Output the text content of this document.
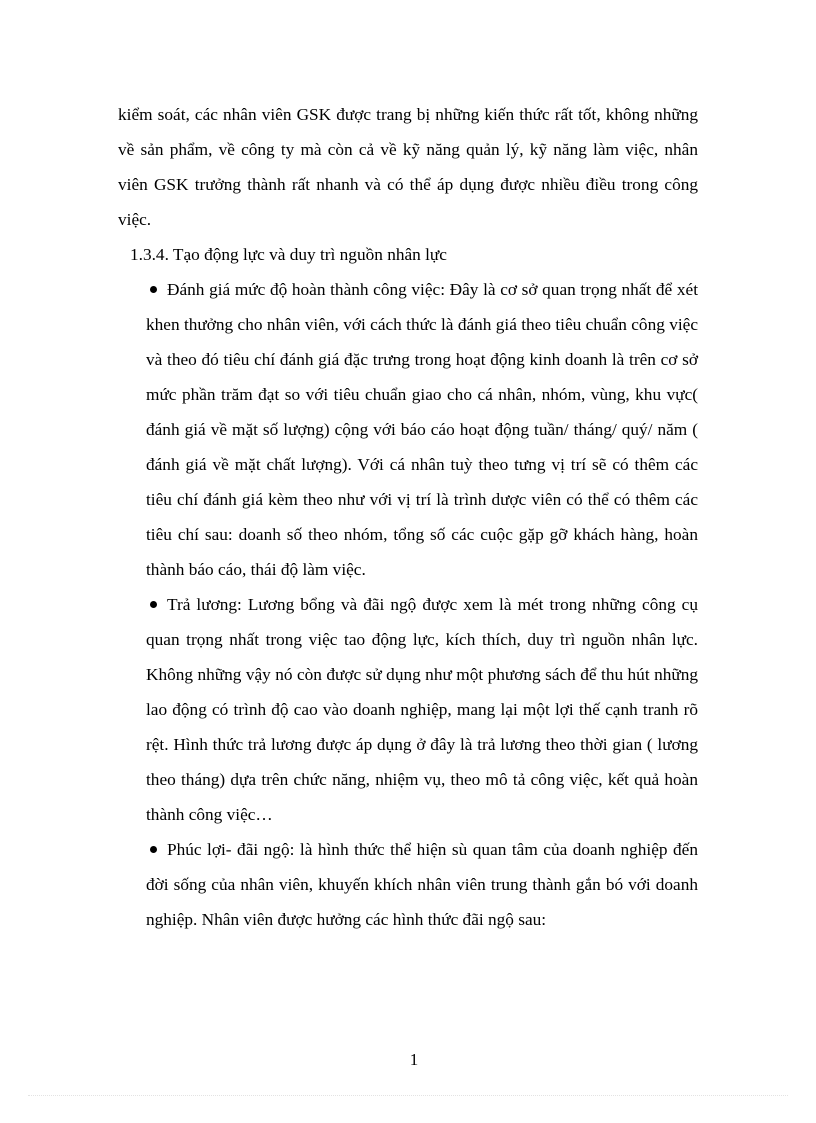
kiểm soát, các nhân viên GSK được trang bị những kiến thức rất tốt, không những về sản phẩm, về công ty mà còn cả về kỹ năng quản lý, kỹ năng làm việc, nhân viên GSK trưởng thành rất nhanh và có thể áp dụng được nhiều điều trong công việc.

1.3.4. Tạo động lực và duy trì nguồn nhân lực

Đánh giá mức độ hoàn thành công việc: Đây là cơ sở quan trọng nhất để xét khen thưởng cho nhân viên, với cách thức là đánh giá theo tiêu chuẩn công việc và theo đó tiêu chí đánh giá đặc trưng trong hoạt động kinh doanh là trên cơ sở mức phần trăm đạt so với tiêu chuẩn giao cho cá nhân, nhóm, vùng, khu vực( đánh giá về mặt số lượng) cộng với báo cáo hoạt động tuần/ tháng/ quý/ năm ( đánh giá về mặt chất lượng). Với cá nhân tuỳ theo tưng vị trí sẽ có thêm các tiêu chí đánh giá kèm theo như với vị trí là trình dược viên có thể có thêm các tiêu chí sau: doanh số theo nhóm, tổng số các cuộc gặp gỡ khách hàng, hoàn thành báo cáo, thái độ làm việc.
Trả lương: Lương bổng và đãi ngộ được xem là mét trong những công cụ quan trọng nhất trong việc tao động lực, kích thích, duy trì nguồn nhân lực. Không những vậy nó còn được sử dụng như một phương sách để thu hút những lao động có trình độ cao vào doanh nghiệp, mang lại một lợi thế cạnh tranh rõ rệt. Hình thức trả lương được áp dụng ở đây là trả lương theo thời gian ( lương theo tháng) dựa trên chức năng, nhiệm vụ, theo mô tả công việc, kết quả hoàn thành công việc…
Phúc lợi- đãi ngộ: là hình thức thể hiện sù quan tâm của doanh nghiệp đến đời sống của nhân viên, khuyến khích nhân viên trung thành gắn bó với doanh nghiệp. Nhân viên được hưởng các hình thức đãi ngộ sau:
1
